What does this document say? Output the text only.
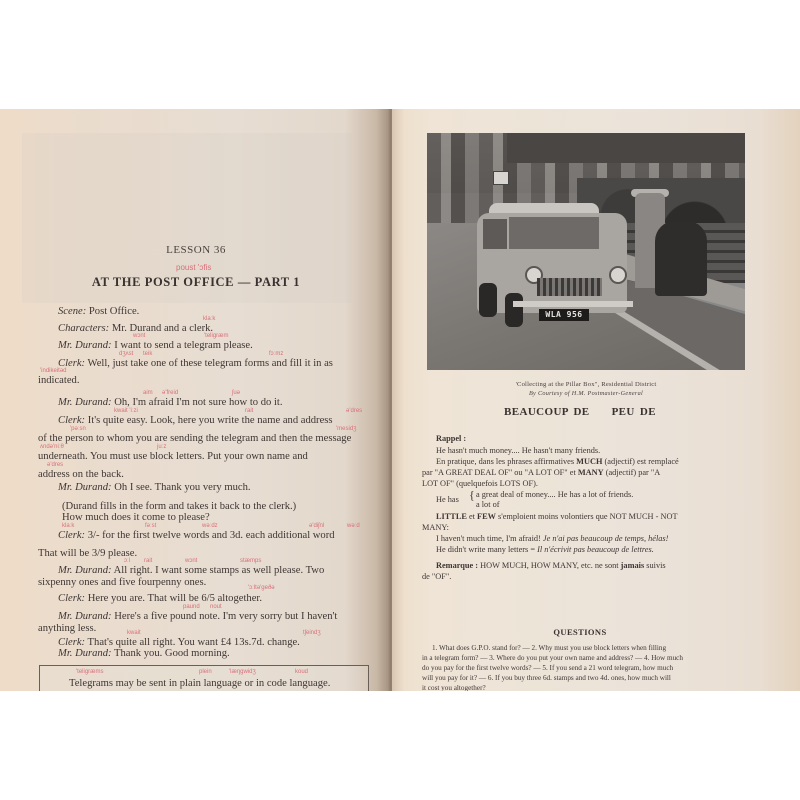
LESSON 36
poust 'ɔfis
AT THE POST OFFICE — PART 1
Scene: Post Office.
klaːk
Characters: Mr. Durand and a clerk.
wɔnt	'teligræm
Mr. Durand: I want to send a telegram please.
dʒʌst teik	fɔːmz
Clerk: Well, just take one of these telegram forms and fill it in as
'indikeitəd
indicated.
aim ə'freid	ʃuə
Mr. Durand: Oh, I'm afraid I'm not sure how to do it.
kwait 'iːzi	rait	ə'dres
Clerk: It's quite easy. Look, here you write the name and address
'pəːsn	'mesidʒ
of the person to whom you are sending the telegram and then the message
ʌndə'niːθ	juːz
underneath. You must use block letters. Put your own name and
ə'dres
address on the back.
Mr. Durand: Oh I see. Thank you very much.
(Durand fills in the form and takes it back to the clerk.)
How much does it come to please?
klaːk	fəːst	wəːdz	ə'diʃnl	wəːd
Clerk: 3/- for the first twelve words and 3d. each additional word
That will be 3/9 please.
ɔːl rait	wɔnt	stæmps
Mr. Durand: All right. I want some stamps as well please. Two
sixpenny ones and five fourpenny ones.	'ɔːltə'geðə
Clerk: Here you are. That will be 6/5 altogether.
paund nout
Mr. Durand: Here's a five pound note. I'm very sorry but I haven't
anything less.	kwait	tʃeindʒ
Clerk: That's quite all right. You want £4 13s.7d. change.
Mr. Durand: Thank you. Good morning.
'teligræms	plein	'læŋgwidʒ	koud
Telegrams may be sent in plain language or in code language.
WLA 956
'Collecting at the Pillar Box", Residential District
By Courtesy of H.M. Postmaster-General
BEAUCOUP DE PEU DE
Rappel :
He hasn't much money.... He hasn't many friends.
En pratique, dans les phrases affirmatives MUCH (adjectif) est remplacé
par "A GREAT DEAL OF" ou "A LOT OF" et MANY (adjectif) par "A
LOT OF" (quelquefois LOTS OF).
He has { a great deal of money.... He has a lot of friends.
a lot of
LITTLE et FEW s'emploient moins volontiers que NOT MUCH - NOT
MANY:
I haven't much time, I'm afraid! Je n'ai pas beaucoup de temps, hélas!
He didn't write many letters = Il n'écrivit pas beaucoup de lettres.
Remarque : HOW MUCH, HOW MANY, etc. ne sont jamais suivis
de "OF".
QUESTIONS
1. What does G.P.O. stand for? — 2. Why must you use block letters when filling
in a telegram form? — 3. Where do you put your own name and address? — 4. How much
do you pay for the first twelve words? — 5. If you send a 21 word telegram, how much
will you pay for it? — 6. If you buy three 6d. stamps and two 4d. ones, how much will
it cost you altogether?
